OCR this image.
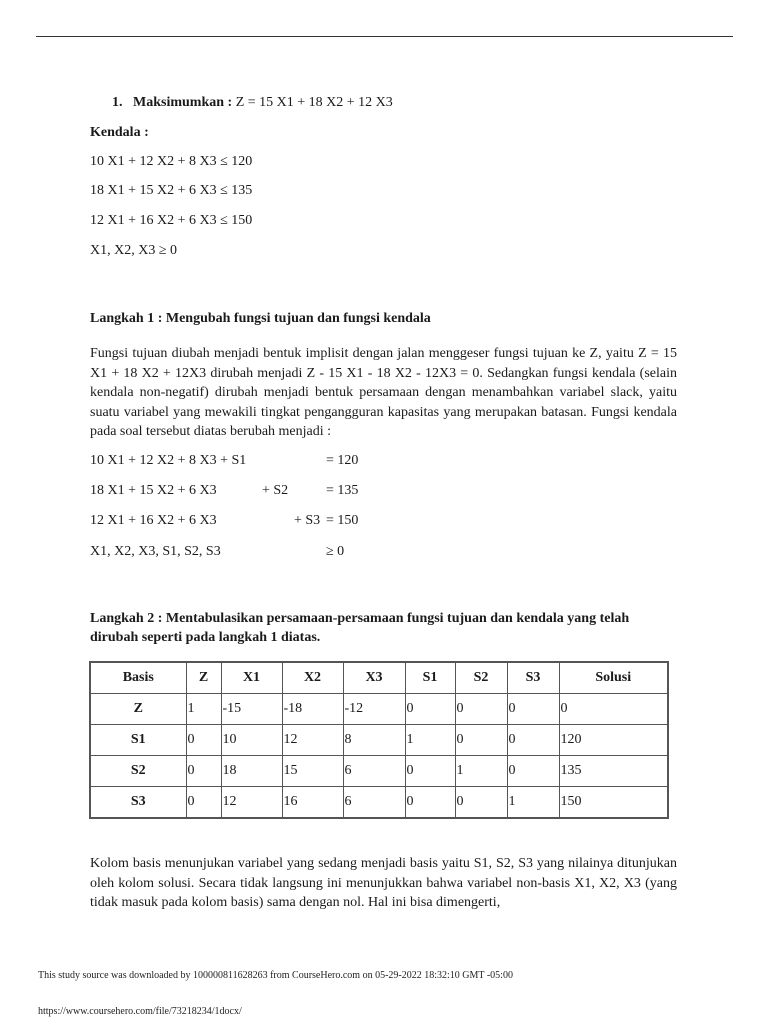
1. Maksimumkan : Z = 15 X1 + 18 X2 + 12 X3
Kendala :
10 X1 + 12 X2 + 8 X3 ≤ 120
18 X1 + 15 X2 + 6 X3 ≤ 135
12 X1 + 16 X2 + 6 X3 ≤ 150
X1, X2, X3 ≥ 0
Langkah 1 : Mengubah fungsi tujuan dan fungsi kendala
Fungsi tujuan diubah menjadi bentuk implisit dengan jalan menggeser fungsi tujuan ke Z, yaitu Z = 15 X1 + 18 X2 + 12X3 dirubah menjadi Z - 15 X1 - 18 X2 - 12X3 = 0. Sedangkan fungsi kendala (selain kendala non-negatif) dirubah menjadi bentuk persamaan dengan menambahkan variabel slack, yaitu suatu variabel yang mewakili tingkat pengangguran kapasitas yang merupakan batasan. Fungsi kendala pada soal tersebut diatas berubah menjadi :
10 X1 + 12 X2 + 8 X3 + S1	= 120
18 X1 + 15 X2 + 6 X3	+ S2	= 135
12 X1 + 16 X2 + 6 X3	+ S3 = 150
X1, X2, X3, S1, S2, S3	≥ 0
Langkah 2 : Mentabulasikan persamaan-persamaan fungsi tujuan dan kendala yang telah dirubah seperti pada langkah 1 diatas.
Basis	Z	X1	X2	X3	S1	S2	S3	Solusi
Z	1	-15	-18	-12	0	0	0	0
S1	0	10	12	8	1	0	0	120
S2	0	18	15	6	0	1	0	135
S3	0	12	16	6	0	0	1	150
Kolom basis menunjukan variabel yang sedang menjadi basis yaitu S1, S2, S3 yang nilainya ditunjukan oleh kolom solusi. Secara tidak langsung ini menunjukkan bahwa variabel non-basis X1, X2, X3 (yang tidak masuk pada kolom basis) sama dengan nol. Hal ini bisa dimengerti,
This study source was downloaded by 100000811628263 from CourseHero.com on 05-29-2022 18:32:10 GMT -05:00
https://www.coursehero.com/file/73218234/1docx/
